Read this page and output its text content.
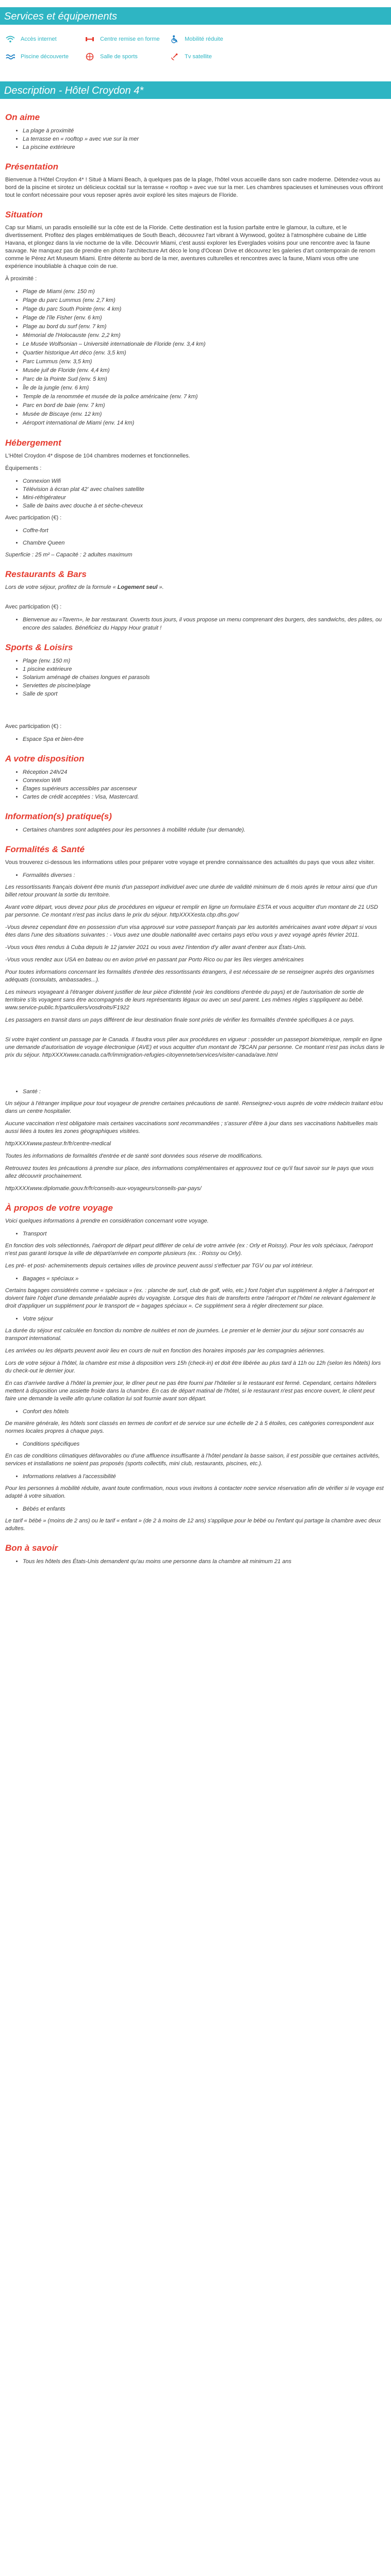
Services et équipements
Accès internet	Centre remise en forme	Mobilité réduite
Piscine découverte	Salle de sports	Tv satellite
Description - Hôtel Croydon 4*
On aime
• La plage à proximité
• La terrasse en « rooftop » avec vue sur la mer
• La piscine extérieure
Présentation

Bienvenue à l'Hôtel Croydon 4* ! Situé à Miami Beach, à quelques pas de la plage, l'hôtel vous accueille dans son cadre moderne. Détendez-vous au bord de la piscine et sirotez un délicieux cocktail sur la terrasse « rooftop » avec vue sur la mer. Les chambres spacieuses et lumineuses vous offriront tout le confort nécessaire pour vous reposer après avoir exploré les sites majeurs de Floride.

Situation

Cap sur Miami, un paradis ensoleillé sur la côte est de la Floride. Cette destination est la fusion parfaite entre le glamour, la culture, et le divertissement. Profitez des plages emblématiques de South Beach, découvrez l'art vibrant à Wynwood, goûtez à l'atmosphère cubaine de Little Havana, et plongez dans la vie nocturne de la ville. Découvrir Miami, c'est aussi explorer les Everglades voisins pour une rencontre avec la faune sauvage. Ne manquez pas de prendre en photo l'architecture Art déco le long d'Ocean Drive et découvrez les galeries d'art contemporain de renom comme le Pérez Art Museum Miami. Entre détente au bord de la mer, aventures culturelles et rencontres avec la faune, Miami vous offre une expérience inoubliable à chaque coin de rue.

À proximité :

• Plage de Miami (env. 150 m)
• Plage du parc Lummus (env. 2,7 km)
• Plage du parc South Pointe (env. 4 km)
• Plage de l'île Fisher (env. 6 km)
• Plage au bord du surf (env. 7 km)
• Mémorial de l'Holocauste (env. 2,2 km)
• Le Musée Wolfsonian – Université internationale de Floride (env. 3,4 km)
• Quartier historique Art déco (env. 3,5 km)
• Parc Lummus (env. 3,5 km)
• Musée juif de Floride (env. 4,4 km)
• Parc de la Pointe Sud (env. 5 km)
• Île de la jungle (env. 6 km)
• Temple de la renommée et musée de la police américaine (env. 7 km)
• Parc en bord de baie (env. 7 km)
• Musée de Biscaye (env. 12 km)
• Aéroport international de Miami (env. 14 km)
Hébergement

L'Hôtel Croydon 4* dispose de 104 chambres modernes et fonctionnelles.

Équipements :

• Connexion Wifi
• Télévision à écran plat 42' avec chaînes satellite
• Mini-réfrigérateur
• Salle de bains avec douche à et sèche-cheveux

Avec participation (€) :

• Coffre-fort
• Chambre Queen

Superficie : 25 m² – Capacité : 2 adultes maximum

Restaurants & Bars

Lors de votre séjour, profitez de la formule « Logement seul ».

Avec participation (€) :

• Bienvenue au «Tavern», le bar restaurant. Ouverts tous jours, il vous propose un menu comprenant des burgers, des sandwichs, des pâtes, ou encore des salades. Bénéficiez du Happy Hour gratuit !
Sports & Loisirs
• Plage (env. 150 m)
• 1 piscine extérieure
• Solarium aménagé de chaises longues et parasols
• Serviettes de piscine/plage
• Salle de sport

Avec participation (€) :

• Espace Spa et bien-être
A votre disposition
• Réception 24h/24
• Connexion Wifi
• Étages supérieurs accessibles par ascenseur
• Cartes de crédit acceptées : Visa, Mastercard.
Information(s) pratique(s)
• Certaines chambres sont adaptées pour les personnes à mobilité réduite (sur demande).
Formalités & Santé

Vous trouverez ci-dessous les informations utiles pour préparer votre voyage et prendre connaissance des actualités du pays que vous allez visiter.

• Formalités diverses :

Les ressortissants français doivent être munis d'un passeport individuel avec une durée de validité minimum de 6 mois après le retour ainsi que d'un billet retour prouvant la sortie du territoire.

Avant votre départ, vous devez pour plus de procédures en vigueur et remplir en ligne un formulaire ESTA et vous acquitter d'un montant de 21 USD par personne. Ce montant n'est pas inclus dans le prix du séjour. httpXXXXesta.cbp.dhs.gov/

-Vous devrez cependant être en possession d'un visa approuvé sur votre passeport français par les autorités américaines avant votre départ si vous êtes dans l'une des situations suivantes : - Vous avez une double nationalité avec certains pays et/ou vous y avez voyagé après février 2011.

-Vous vous êtes rendus à Cuba depuis le 12 janvier 2021 ou vous avez l'intention d'y aller avant d'entrer aux États-Unis.

-Vous vous rendez aux USA en bateau ou en avion privé en passant par Porto Rico ou par les îles vierges américaines

Pour toutes informations concernant les formalités d'entrée des ressortissants étrangers, il est nécessaire de se renseigner auprès des organismes adéquats (consulats, ambassades...).

Les mineurs voyageant à l'étranger doivent justifier de leur pièce d'identité (voir les conditions d'entrée du pays) et de l'autorisation de sortie de territoire s'ils voyagent sans être accompagnés de leurs représentants légaux ou avec un seul parent. Les mêmes règles s'appliquent au bébé. www.service-public.fr/particuliers/vosdroits/F1922

Les passagers en transit dans un pays différent de leur destination finale sont priés de vérifier les formalités d'entrée spécifiques à ce pays.

Si votre trajet contient un passage par le Canada. Il faudra vous plier aux procédures en vigueur : posséder un passeport biométrique, remplir en ligne une demande d'autorisation de voyage électronique (AVE) et vous acquitter d'un montant de 7$CAN par personne. Ce montant n'est pas inclus dans le prix du séjour. httpXXXXwww.canada.ca/fr/immigration-refugies-citoyennete/services/visiter-canada/ave.html

• Santé :

Un séjour à l'étranger implique pour tout voyageur de prendre certaines précautions de santé. Renseignez-vous auprès de votre médecin traitant et/ou dans un centre hospitalier.

Aucune vaccination n'est obligatoire mais certaines vaccinations sont recommandées ; s'assurer d'être à jour dans ses vaccinations habituelles mais aussi liées à toutes les zones géographiques visitées.

httpXXXXwww.pasteur.fr/fr/centre-medical

Toutes les informations de formalités d'entrée et de santé sont données sous réserve de modifications.

Retrouvez toutes les précautions à prendre sur place, des informations complémentaires et approuvez tout ce qu'il faut savoir sur le pays que vous allez découvrir prochainement.

httpXXXXwww.diplomatie.gouv.fr/fr/conseils-aux-voyageurs/conseils-par-pays/

À propos de votre voyage

Voici quelques informations à prendre en considération concernant votre voyage.

• Transport

En fonction des vols sélectionnés, l'aéroport de départ peut différer de celui de votre arrivée (ex : Orly et Roissy). Pour les vols spéciaux, l'aéroport n'est pas garanti lorsque la ville de départ/arrivée en comporte plusieurs (ex. : Roissy ou Orly).

Les pré- et post- acheminements depuis certaines villes de province peuvent aussi s'effectuer par TGV ou par vol intérieur.

• Bagages « spéciaux »

Certains bagages considérés comme « spéciaux » (ex. : planche de surf, club de golf, vélo, etc.) font l'objet d'un supplément à régler à l'aéroport et doivent faire l'objet d'une demande préalable auprès du voyagiste. Lorsque des frais de transferts entre l'aéroport et l'hôtel ne relevant également le droit d'appliquer un supplément pour le transport de « bagages spéciaux ». Ce supplément sera à régler directement sur place.

• Votre séjour

La durée du séjour est calculée en fonction du nombre de nuitées et non de journées. Le premier et le dernier jour du séjour sont consacrés au transport international.

Les arrivées ou les départs peuvent avoir lieu en cours de nuit en fonction des horaires imposés par les compagnies aériennes.

Lors de votre séjour à l'hôtel, la chambre est mise à disposition vers 15h (check-in) et doit être libérée au plus tard à 11h ou 12h (selon les hôtels) lors du check-out le dernier jour.

En cas d'arrivée tardive à l'hôtel la premier jour, le dîner peut ne pas être fourni par l'hôtelier si le restaurant est fermé. Cependant, certains hôteliers mettent à disposition une assiette froide dans la chambre. En cas de départ matinal de l'hôtel, si le restaurant n'est pas encore ouvert, le client peut faire une demande la veille afin qu'une collation lui soit fournie avant son départ.

• Confort des hôtels

De manière générale, les hôtels sont classés en termes de confort et de service sur une échelle de 2 à 5 étoiles, ces catégories correspondent aux normes locales propres à chaque pays.

• Conditions spécifiques

En cas de conditions climatiques défavorables ou d'une affluence insuffisante à l'hôtel pendant la basse saison, il est possible que certaines activités, services et installations ne soient pas proposés (sports collectifs, mini club, restaurants, piscines, etc.).

• Informations relatives à l'accessibilité

Pour les personnes à mobilité réduite, avant toute confirmation, nous vous invitons à contacter notre service réservation afin de vérifier si le voyage est adapté à votre situation.

• Bébés et enfants

Le tarif « bébé » (moins de 2 ans) ou le tarif « enfant » (de 2 à moins de 12 ans) s'applique pour le bébé ou l'enfant qui partage la chambre avec deux adultes.

Bon à savoir
• Tous les hôtels des États-Unis demandent qu'au moins une personne dans la chambre ait minimum 21 ans
